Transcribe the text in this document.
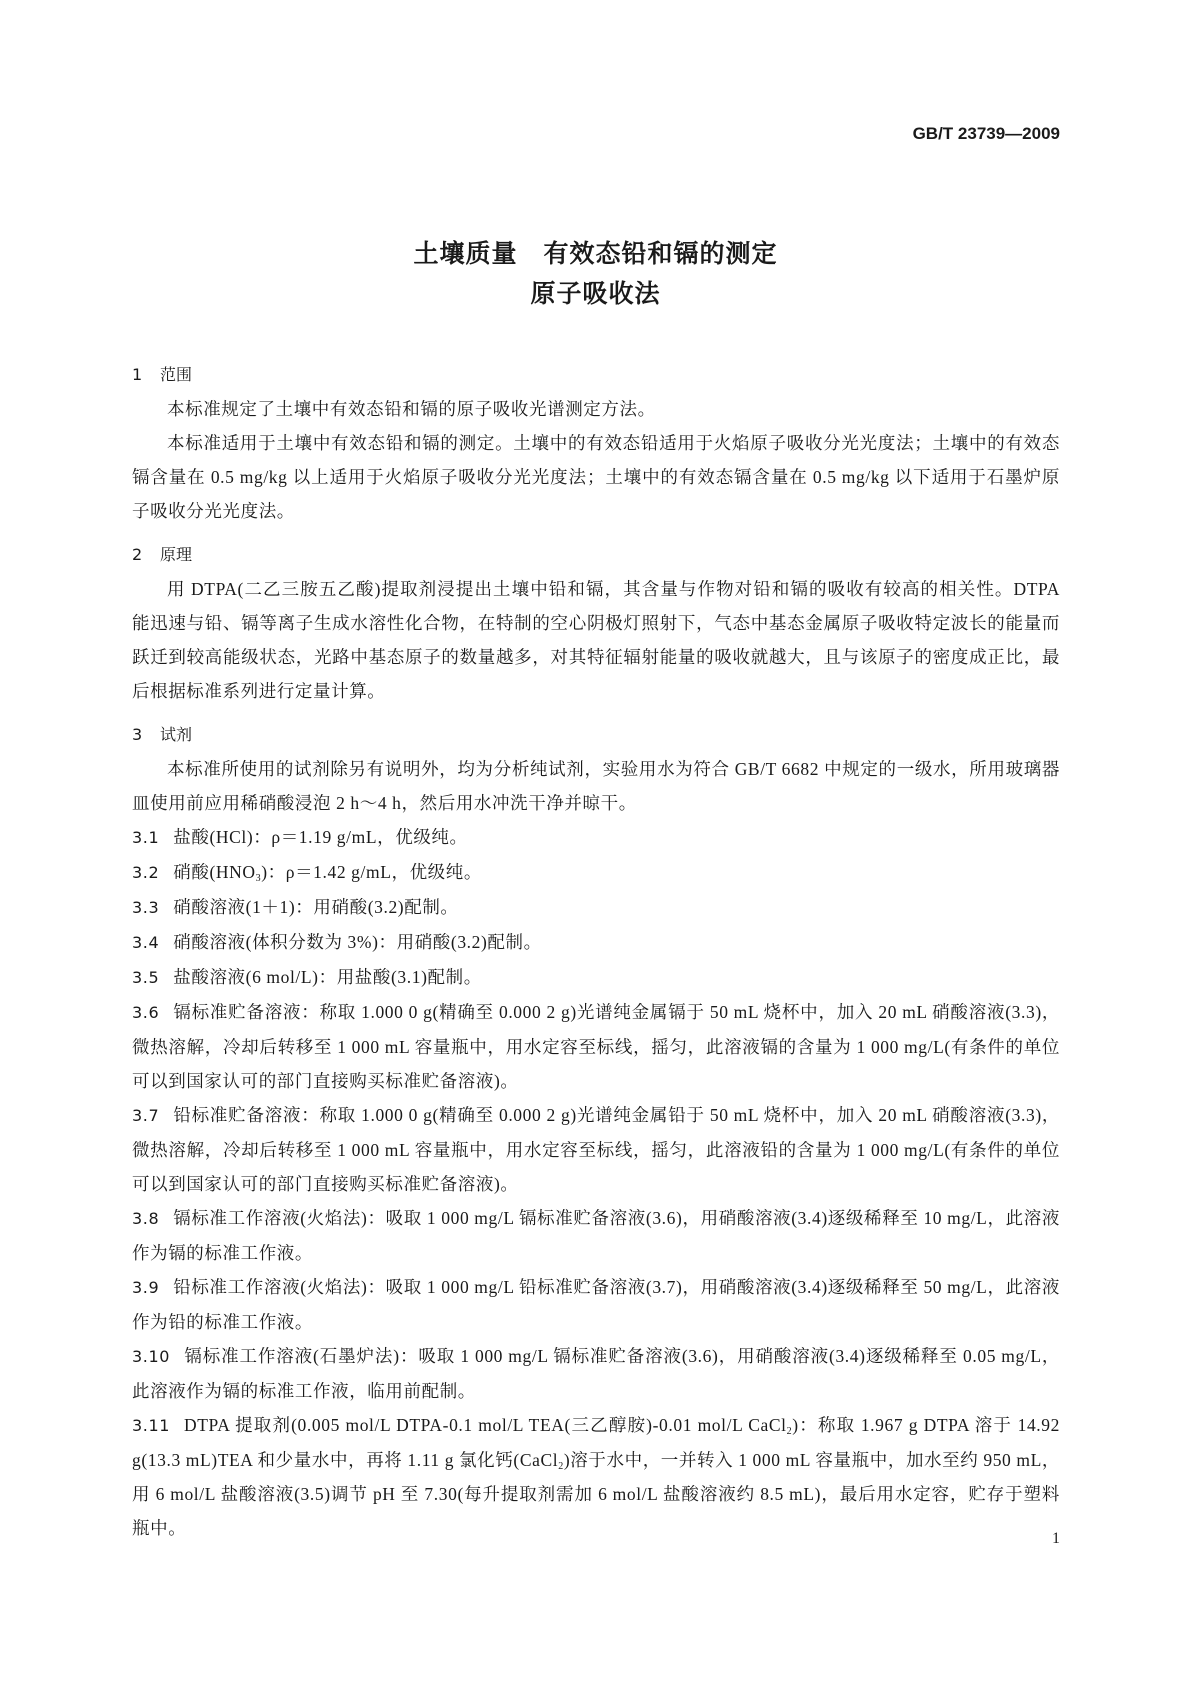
GB/T 23739—2009
土壤质量　有效态铅和镉的测定
原子吸收法
1 范围
本标准规定了土壤中有效态铅和镉的原子吸收光谱测定方法。
本标准适用于土壤中有效态铅和镉的测定。土壤中的有效态铅适用于火焰原子吸收分光光度法；土壤中的有效态镉含量在 0.5 mg/kg 以上适用于火焰原子吸收分光光度法；土壤中的有效态镉含量在 0.5 mg/kg 以下适用于石墨炉原子吸收分光光度法。
2 原理
用 DTPA(二乙三胺五乙酸)提取剂浸提出土壤中铅和镉，其含量与作物对铅和镉的吸收有较高的相关性。DTPA 能迅速与铅、镉等离子生成水溶性化合物，在特制的空心阴极灯照射下，气态中基态金属原子吸收特定波长的能量而跃迁到较高能级状态，光路中基态原子的数量越多，对其特征辐射能量的吸收就越大，且与该原子的密度成正比，最后根据标准系列进行定量计算。
3 试剂
本标准所使用的试剂除另有说明外，均为分析纯试剂，实验用水为符合 GB/T 6682 中规定的一级水，所用玻璃器皿使用前应用稀硝酸浸泡 2 h～4 h，然后用水冲洗干净并晾干。
3.1 盐酸(HCl)：ρ＝1.19 g/mL，优级纯。
3.2 硝酸$(HNO_3)$：ρ＝1.42 g/mL，优级纯。
3.3 硝酸溶液(1＋1)：用硝酸(3.2)配制。
3.4 硝酸溶液(体积分数为 3%)：用硝酸(3.2)配制。
3.5 盐酸溶液(6 mol/L)：用盐酸(3.1)配制。
3.6 镉标准贮备溶液：称取 1.000 0 g(精确至 0.000 2 g)光谱纯金属镉于 50 mL 烧杯中，加入 20 mL 硝酸溶液(3.3)，微热溶解，冷却后转移至 1 000 mL 容量瓶中，用水定容至标线，摇匀，此溶液镉的含量为 1 000 mg/L(有条件的单位可以到国家认可的部门直接购买标准贮备溶液)。
3.7 铅标准贮备溶液：称取 1.000 0 g(精确至 0.000 2 g)光谱纯金属铅于 50 mL 烧杯中，加入 20 mL 硝酸溶液(3.3)，微热溶解，冷却后转移至 1 000 mL 容量瓶中，用水定容至标线，摇匀，此溶液铅的含量为 1 000 mg/L(有条件的单位可以到国家认可的部门直接购买标准贮备溶液)。
3.8 镉标准工作溶液(火焰法)：吸取 1 000 mg/L 镉标准贮备溶液(3.6)，用硝酸溶液(3.4)逐级稀释至 10 mg/L，此溶液作为镉的标准工作液。
3.9 铅标准工作溶液(火焰法)：吸取 1 000 mg/L 铅标准贮备溶液(3.7)，用硝酸溶液(3.4)逐级稀释至 50 mg/L，此溶液作为铅的标准工作液。
3.10 镉标准工作溶液(石墨炉法)：吸取 1 000 mg/L 镉标准贮备溶液(3.6)，用硝酸溶液(3.4)逐级稀释至 0.05 mg/L，此溶液作为镉的标准工作液，临用前配制。
3.11 DTPA 提取剂(0.005 mol/L DTPA-0.1 mol/L TEA(三乙醇胺)-0.01 mol/L CaCl$_2$)：称取 1.967 g DTPA 溶于 14.92 g(13.3 mL)TEA 和少量水中，再将 1.11 g 氯化钙(CaCl$_2$)溶于水中，一并转入 1 000 mL 容量瓶中，加水至约 950 mL，用 6 mol/L 盐酸溶液(3.5)调节 pH 至 7.30(每升提取剂需加 6 mol/L 盐酸溶液约 8.5 mL)，最后用水定容，贮存于塑料瓶中。
1
